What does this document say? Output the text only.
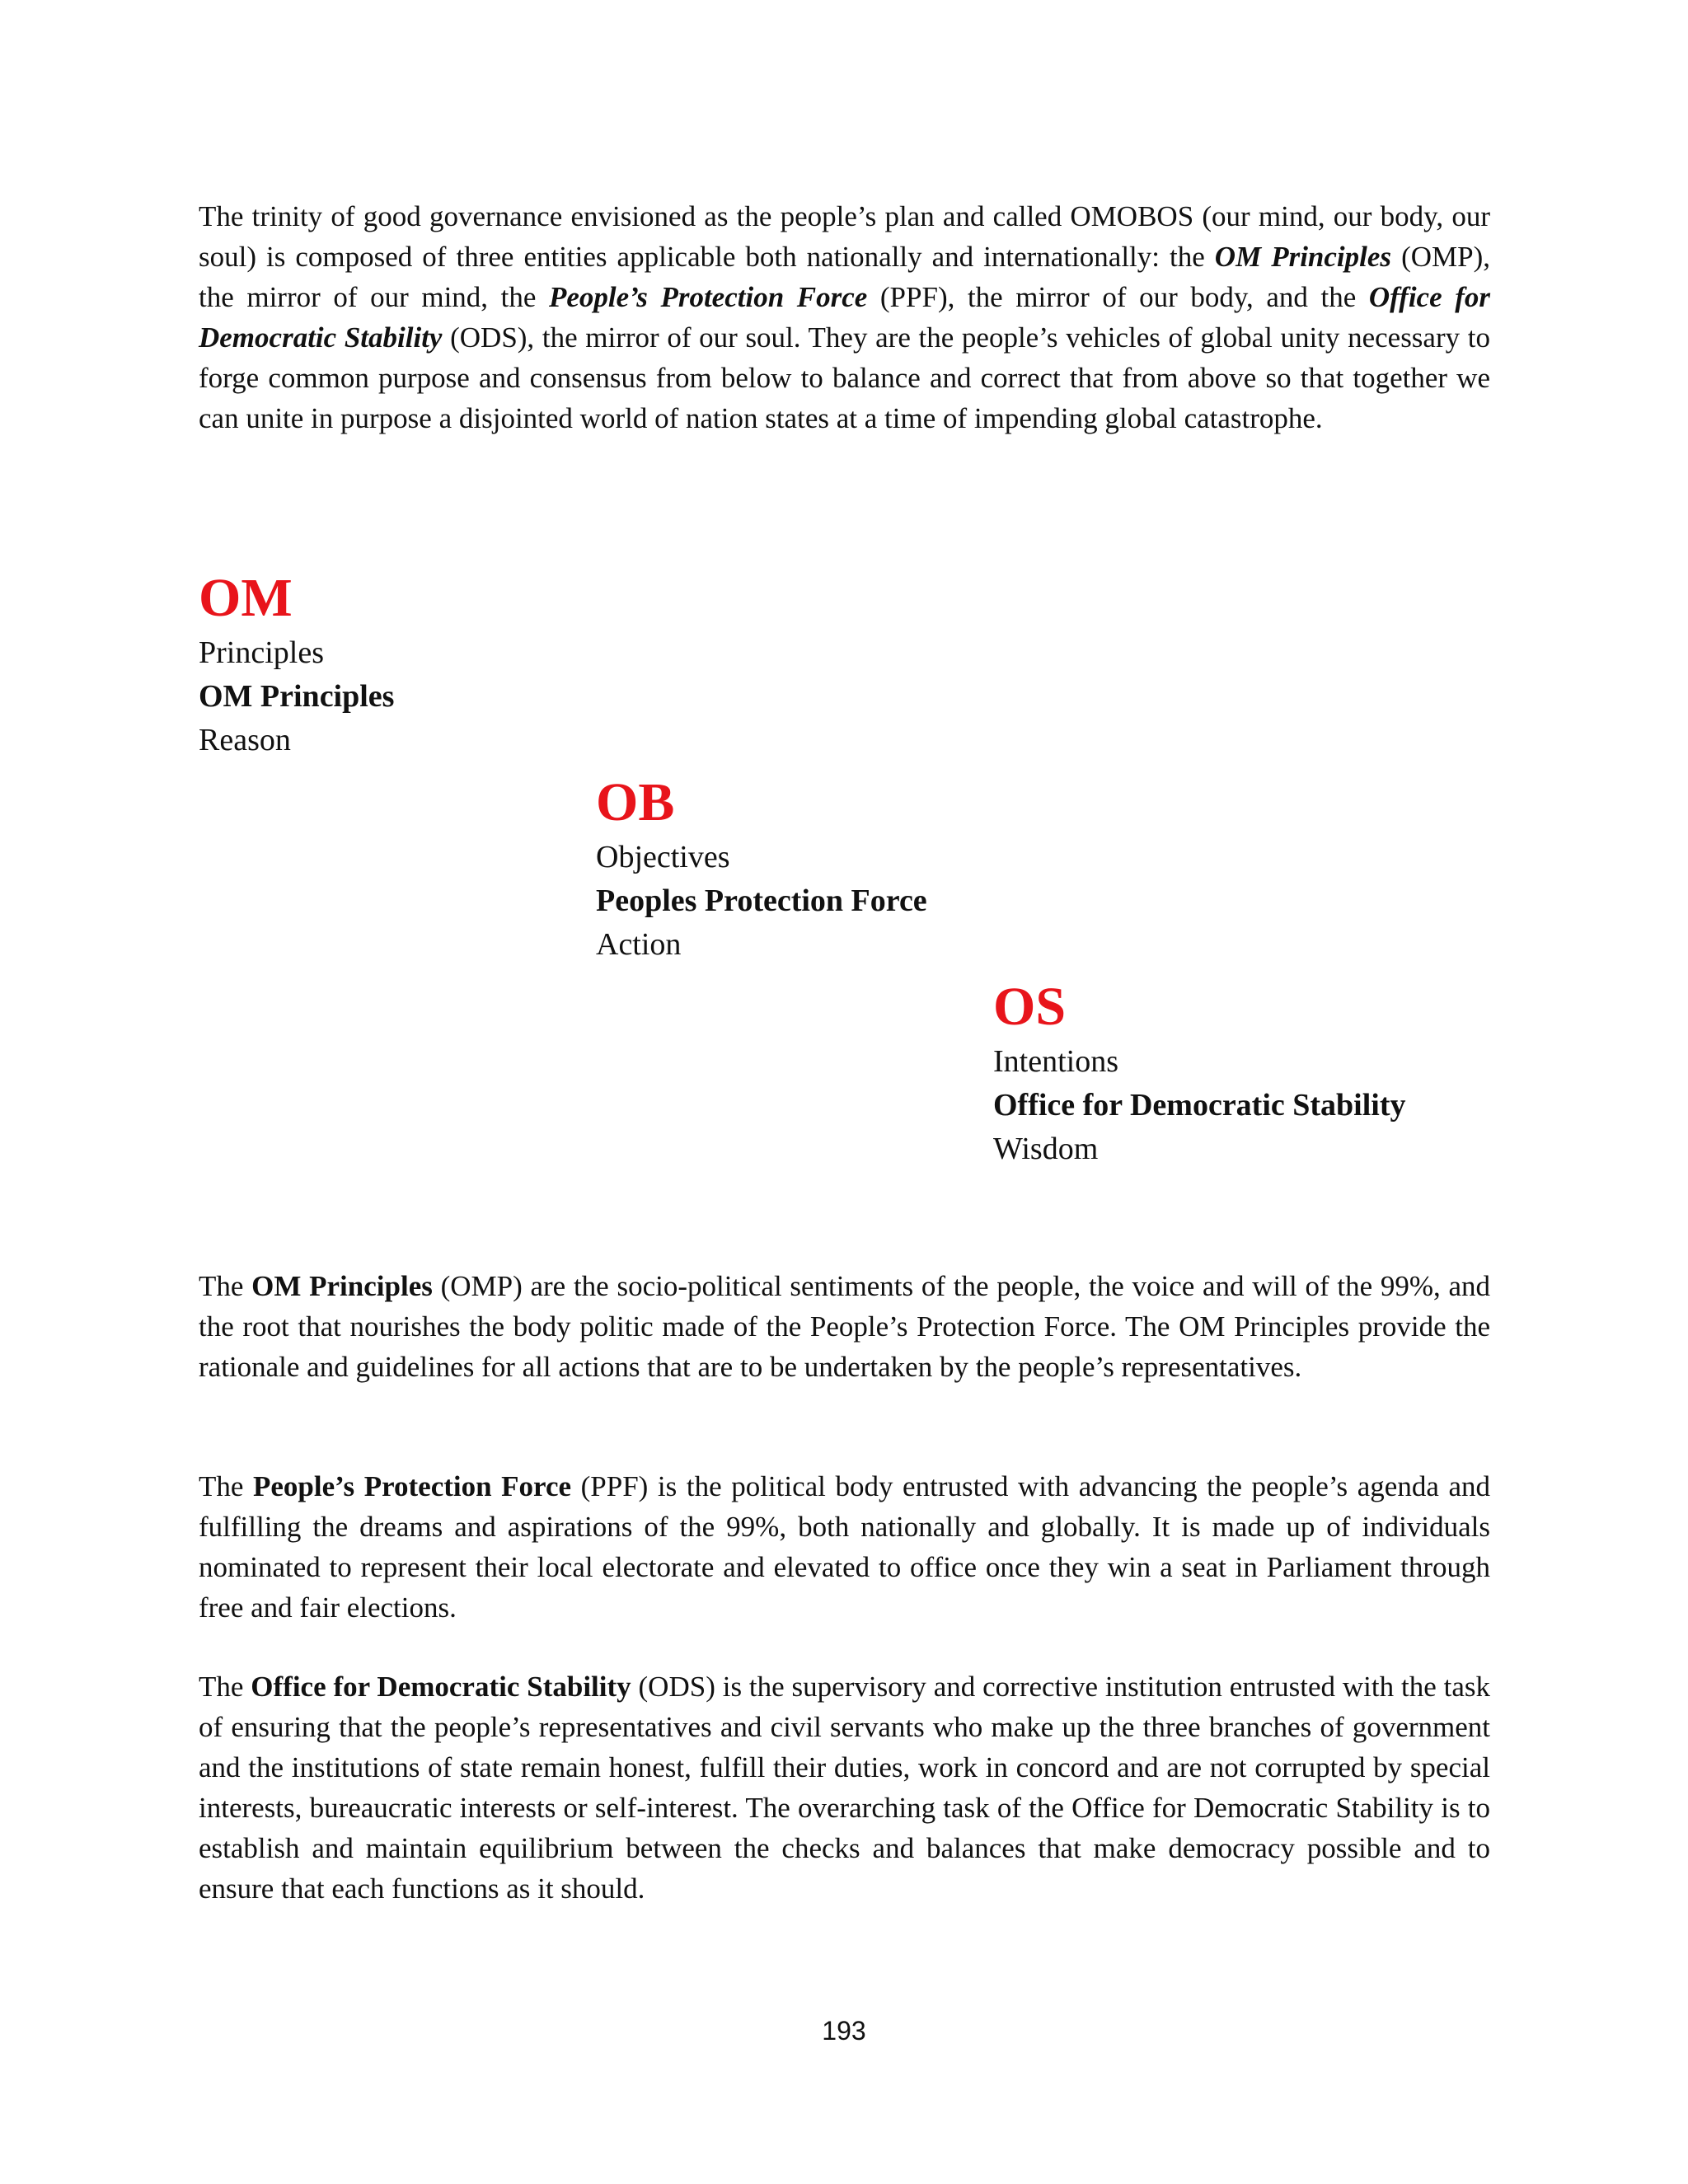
The trinity of good governance envisioned as the people’s plan and called OMOBOS (our mind, our body, our soul) is composed of three entities applicable both nationally and internationally: the OM Principles (OMP), the mirror of our mind, the People’s Protection Force (PPF), the mirror of our body, and the Office for Democratic Stability (ODS), the mirror of our soul. They are the people’s vehicles of global unity necessary to forge common purpose and consensus from below to balance and correct that from above so that together we can unite in purpose a disjointed world of nation states at a time of impending global catastrophe.

OM
Principles
OM Principles
Reason
OB
Objectives
Peoples Protection Force
Action
OS
Intentions
Office for Democratic Stability
Wisdom

The OM Principles (OMP) are the socio-political sentiments of the people, the voice and will of the 99%, and the root that nourishes the body politic made of the People’s Protection Force. The OM Principles provide the rationale and guidelines for all actions that are to be undertaken by the people’s representatives.

The People’s Protection Force (PPF) is the political body entrusted with advancing the people’s agenda and fulfilling the dreams and aspirations of the 99%, both nationally and globally. It is made up of individuals nominated to represent their local electorate and elevated to office once they win a seat in Parliament through free and fair elections.

The Office for Democratic Stability (ODS) is the supervisory and corrective institution entrusted with the task of ensuring that the people’s representatives and civil servants who make up the three branches of government and the institutions of state remain honest, fulfill their duties, work in concord and are not corrupted by special interests, bureaucratic interests or self-interest. The overarching task of the Office for Democratic Stability is to establish and maintain equilibrium between the checks and balances that make democracy possible and to ensure that each functions as it should.

193
